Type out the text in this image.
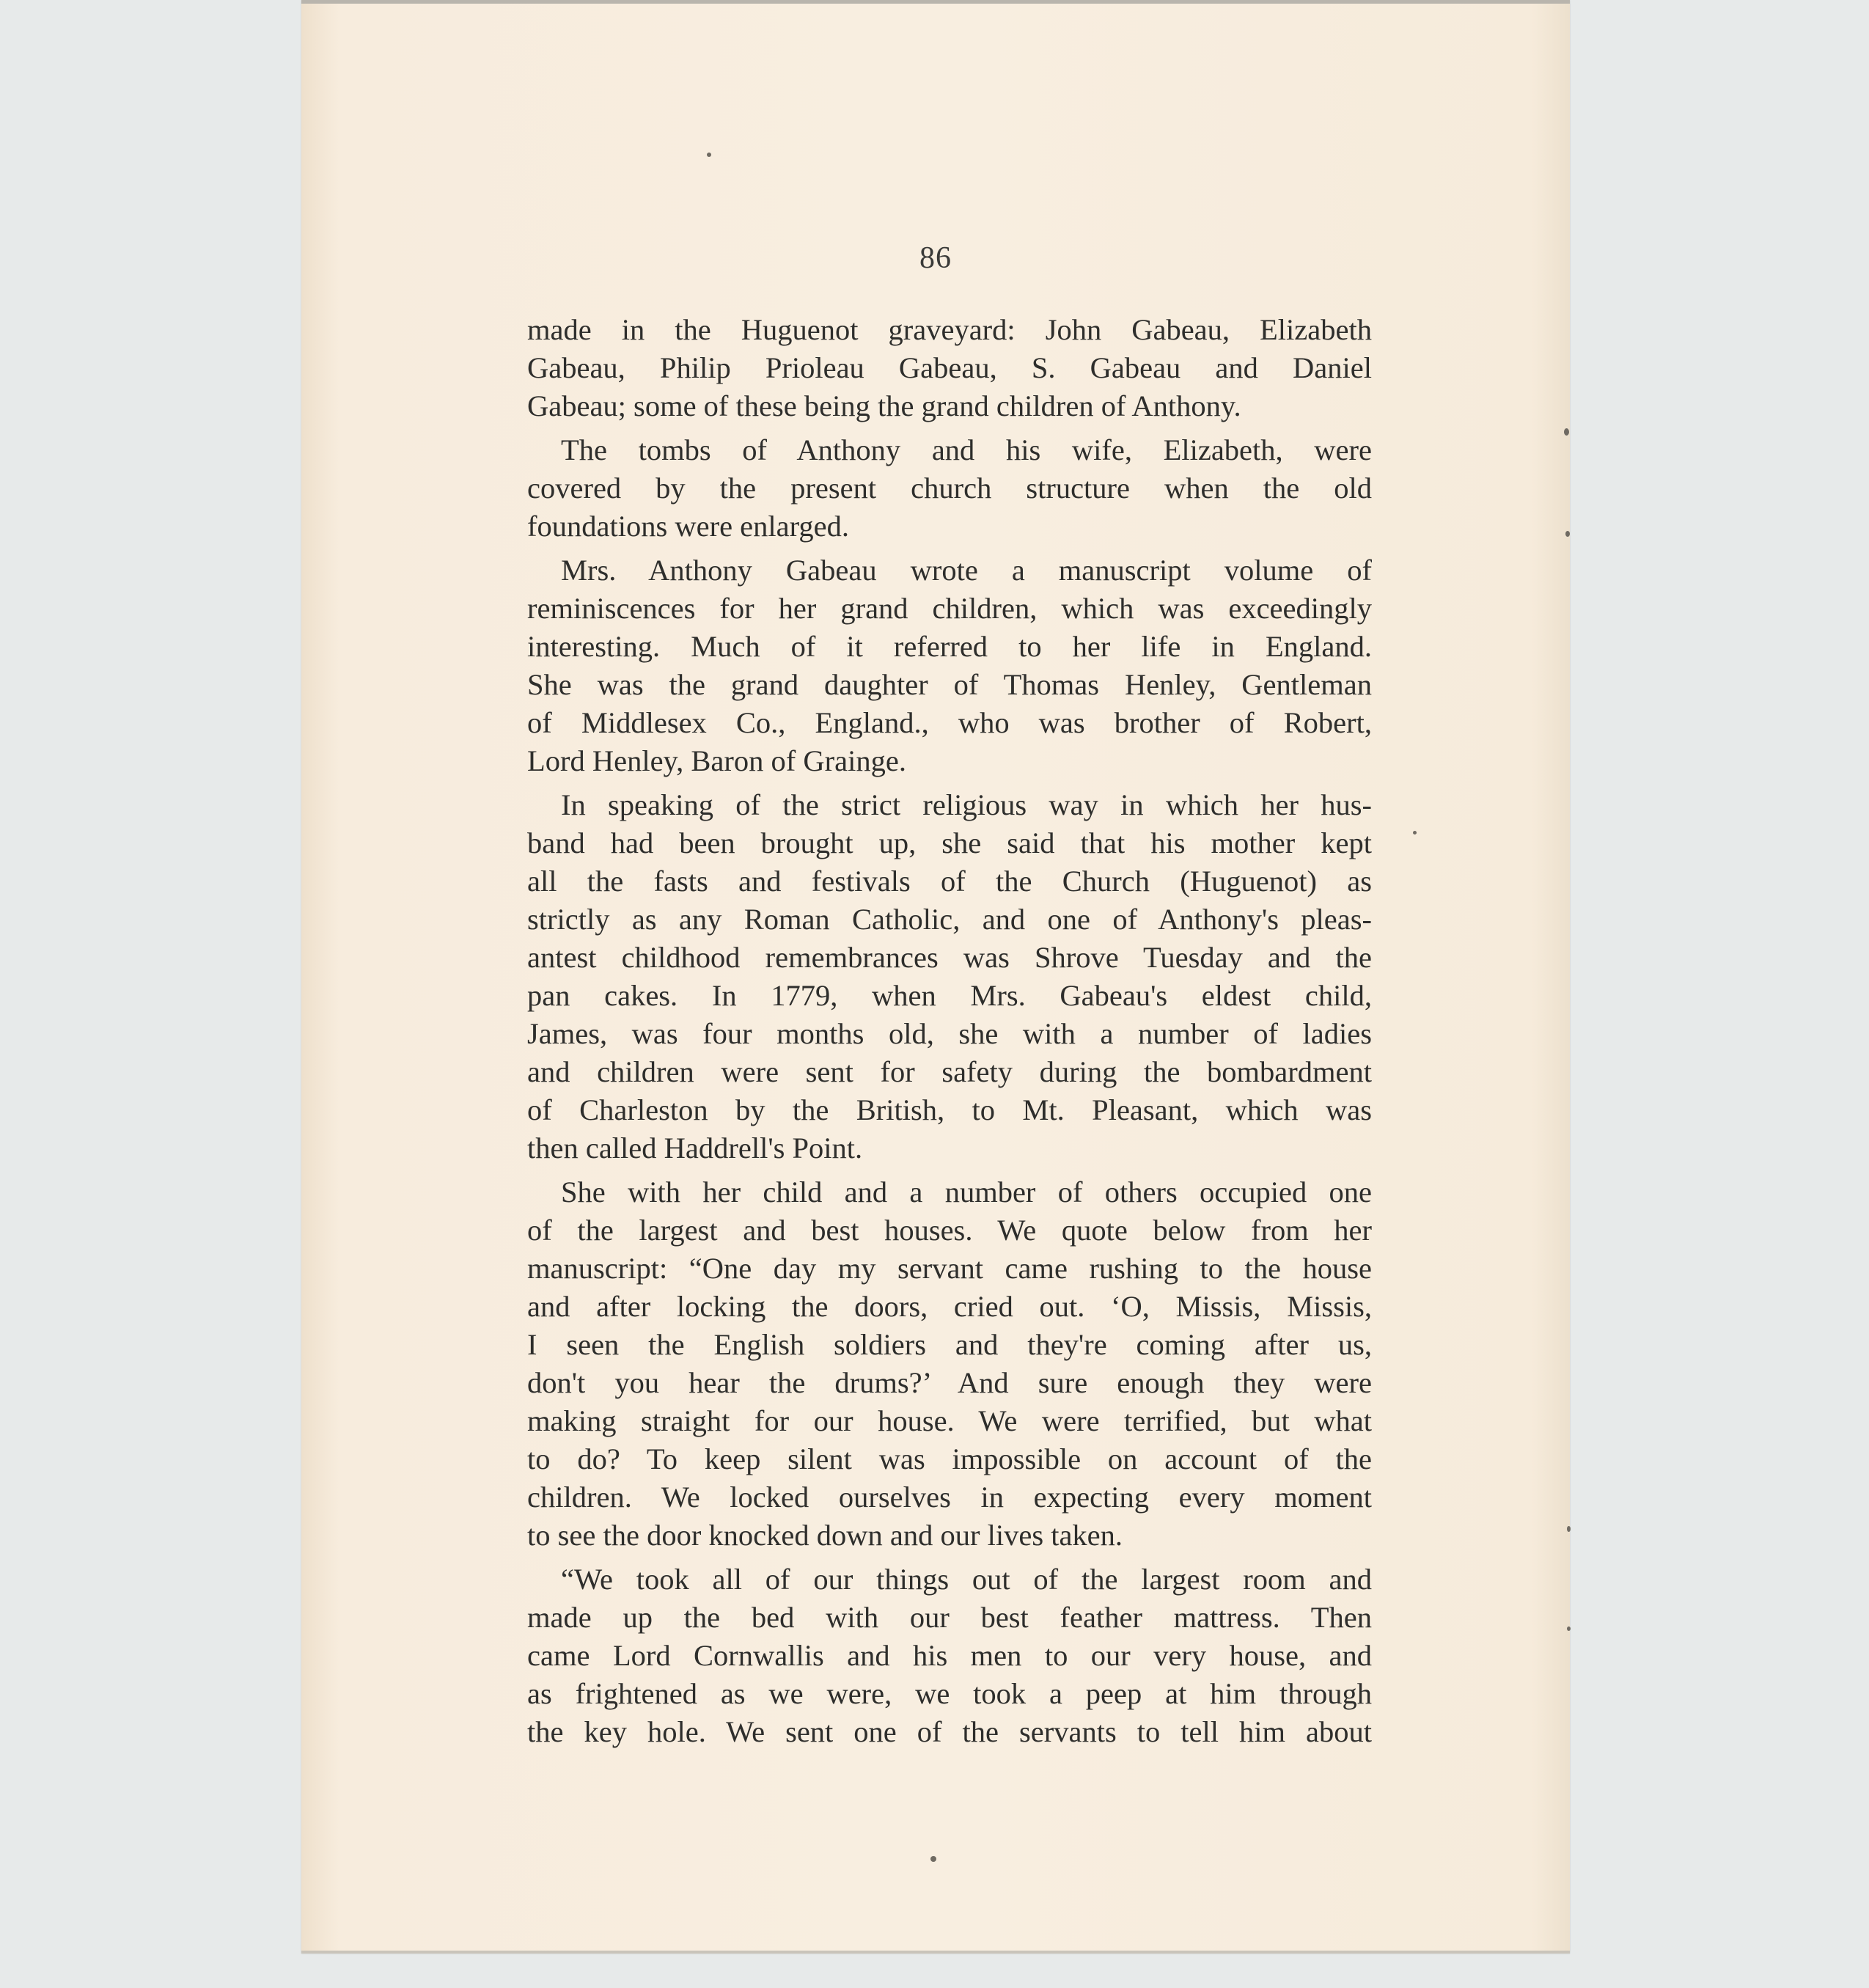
86
made in the Huguenot graveyard: John Gabeau, Elizabeth
Gabeau, Philip Prioleau Gabeau, S. Gabeau and Daniel
Gabeau; some of these being the grand children of Anthony.
The tombs of Anthony and his wife, Elizabeth, were
covered by the present church structure when the old
foundations were enlarged.
Mrs. Anthony Gabeau wrote a manuscript volume of
reminiscences for her grand children, which was exceedingly
interesting. Much of it referred to her life in England.
She was the grand daughter of Thomas Henley, Gentleman
of Middlesex Co., England., who was brother of Robert,
Lord Henley, Baron of Grainge.
In speaking of the strict religious way in which her hus-
band had been brought up, she said that his mother kept
all the fasts and festivals of the Church (Huguenot) as
strictly as any Roman Catholic, and one of Anthony's pleas-
antest childhood remembrances was Shrove Tuesday and the
pan cakes. In 1779, when Mrs. Gabeau's eldest child,
James, was four months old, she with a number of ladies
and children were sent for safety during the bombardment
of Charleston by the British, to Mt. Pleasant, which was
then called Haddrell's Point.
She with her child and a number of others occupied one
of the largest and best houses. We quote below from her
manuscript: “One day my servant came rushing to the house
and after locking the doors, cried out. ‘O, Missis, Missis,
I seen the English soldiers and they're coming after us,
don't you hear the drums?’ And sure enough they were
making straight for our house. We were terrified, but what
to do? To keep silent was impossible on account of the
children. We locked ourselves in expecting every moment
to see the door knocked down and our lives taken.
“We took all of our things out of the largest room and
made up the bed with our best feather mattress. Then
came Lord Cornwallis and his men to our very house, and
as frightened as we were, we took a peep at him through
the key hole. We sent one of the servants to tell him about
